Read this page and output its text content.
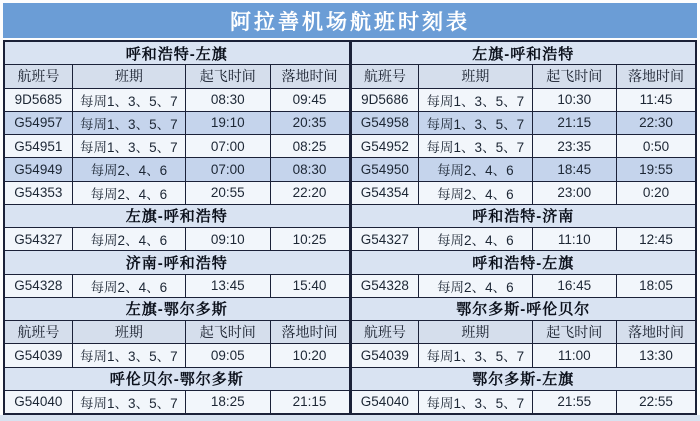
阿拉善机场航班时刻表
呼和浩特-左旗
航班号	班期	起飞时间	落地时间
9D5685	每周1、3、5、7	08:30	09:45
G54957	每周1、3、5、7	19:10	20:35
G54951	每周1、3、5、7	07:00	08:25
G54949	每周2、4、6	07:00	08:30
G54353	每周2、4、6	20:55	22:20
左旗-呼和浩特
G54327	每周2、4、6	09:10	10:25
济南-呼和浩特
G54328	每周2、4、6	13:45	15:40
左旗-鄂尔多斯
航班号	班期	起飞时间	落地时间
G54039	每周1、3、5、7	09:05	10:20
呼伦贝尔-鄂尔多斯
G54040	每周1、3、5、7	18:25	21:15
左旗-呼和浩特
航班号	班期	起飞时间	落地时间
9D5686	每周1、3、5、7	10:30	11:45
G54958	每周1、3、5、7	21:15	22:30
G54952	每周1、3、5、7	23:35	0:50
G54950	每周2、4、6	18:45	19:55
G54354	每周2、4、6	23:00	0:20
呼和浩特-济南
G54327	每周2、4、6	11:10	12:45
呼和浩特-左旗
G54328	每周2、4、6	16:45	18:05
鄂尔多斯-呼伦贝尔
航班号	班期	起飞时间	落地时间
G54039	每周1、3、5、7	11:00	13:30
鄂尔多斯-左旗
G54040	每周1、3、5、7	21:55	22:55
